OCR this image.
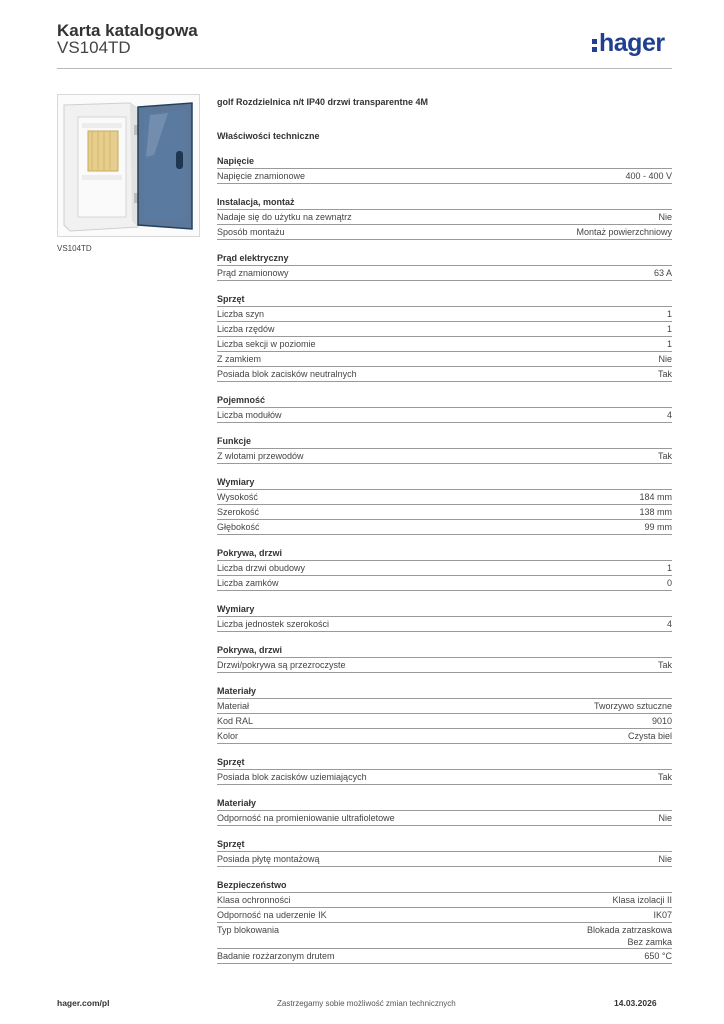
Karta katalogowa
VS104TD	hager
VS104TD
golf Rozdzielnica n/t IP40 drzwi transparentne 4M
Właściwości techniczne
Napięcie
Napięcie znamionowe	400 - 400 V
Instalacja, montaż
Nadaje się do użytku na zewnątrz	Nie
Sposób montażu	Montaż powierzchniowy
Prąd elektryczny
Prąd znamionowy	63 A
Sprzęt
Liczba szyn	1
Liczba rzędów	1
Liczba sekcji w poziomie	1
Z zamkiem	Nie
Posiada blok zacisków neutralnych	Tak
Pojemność
Liczba modułów	4
Funkcje
Z wlotami przewodów	Tak
Wymiary
Wysokość	184 mm
Szerokość	138 mm
Głębokość	99 mm
Pokrywa, drzwi
Liczba drzwi obudowy	1
Liczba zamków	0
Wymiary
Liczba jednostek szerokości	4
Pokrywa, drzwi
Drzwi/pokrywa są przezroczyste	Tak
Materiały
Materiał	Tworzywo sztuczne
Kod RAL	9010
Kolor	Czysta biel
Sprzęt
Posiada blok zacisków uziemiających	Tak
Materiały
Odporność na promieniowanie ultrafioletowe	Nie
Sprzęt
Posiada płytę montażową	Nie
Bezpieczeństwo
Klasa ochronności	Klasa izolacji II
Odporność na uderzenie IK	IK07
Typ blokowania	Blokada zatrzaskowa
Bez zamka
Badanie rozżarzonym drutem	650 °C
hager.com/pl	Zastrzegamy sobie możliwość zmian technicznych	14.03.2026
